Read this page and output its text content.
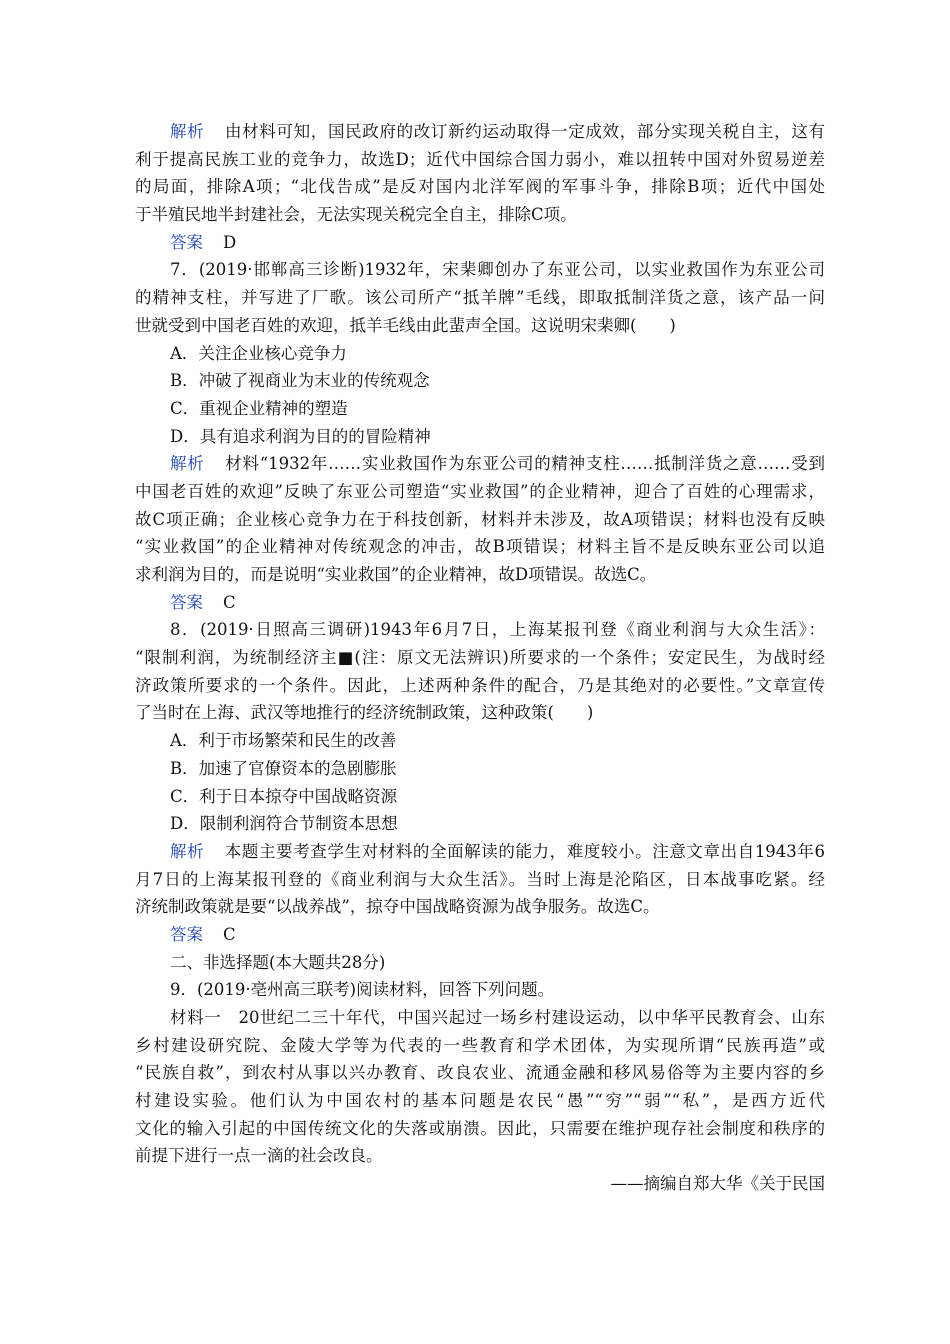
解析 由材料可知，国民政府的改订新约运动取得一定成效，部分实现关税自主，这有
利于提高民族工业的竞争力，故选D；近代中国综合国力弱小，难以扭转中国对外贸易逆差
的局面，排除A项；“北伐告成”是反对国内北洋军阀的军事斗争，排除B项；近代中国处
于半殖民地半封建社会，无法实现关税完全自主，排除C项。
答案 D
7．(2019·邯郸高三诊断)1932年，宋棐卿创办了东亚公司，以实业救国作为东亚公司
的精神支柱，并写进了厂歌。该公司所产“抵羊牌”毛线，即取抵制洋货之意，该产品一问
世就受到中国老百姓的欢迎，抵羊毛线由此蜚声全国。这说明宋棐卿(　　)
A．关注企业核心竞争力
B．冲破了视商业为末业的传统观念
C．重视企业精神的塑造
D．具有追求利润为目的的冒险精神
解析 材料“1932年……实业救国作为东亚公司的精神支柱……抵制洋货之意……受到
中国老百姓的欢迎”反映了东亚公司塑造“实业救国”的企业精神，迎合了百姓的心理需求，
故C项正确；企业核心竞争力在于科技创新，材料并未涉及，故A项错误；材料也没有反映
“实业救国”的企业精神对传统观念的冲击，故B项错误；材料主旨不是反映东亚公司以追
求利润为目的，而是说明“实业救国”的企业精神，故D项错误。故选C。
答案 C
8．(2019·日照高三调研)1943年6月7日，上海某报刊登《商业利润与大众生活》：
“限制利润，为统制经济主■(注：原文无法辨识)所要求的一个条件；安定民生，为战时经
济政策所要求的一个条件。因此，上述两种条件的配合，乃是其绝对的必要性。”文章宣传
了当时在上海、武汉等地推行的经济统制政策，这种政策(　　)
A．利于市场繁荣和民生的改善
B．加速了官僚资本的急剧膨胀
C．利于日本掠夺中国战略资源
D．限制利润符合节制资本思想
解析 本题主要考查学生对材料的全面解读的能力，难度较小。注意文章出自1943年6
月7日的上海某报刊登的《商业利润与大众生活》。当时上海是沦陷区，日本战事吃紧。经
济统制政策就是要“以战养战”，掠夺中国战略资源为战争服务。故选C。
答案 C
二、非选择题(本大题共28分)
9．(2019·亳州高三联考)阅读材料，回答下列问题。
材料一　20世纪二三十年代，中国兴起过一场乡村建设运动，以中华平民教育会、山东
乡村建设研究院、金陵大学等为代表的一些教育和学术团体，为实现所谓“民族再造”或
“民族自救”，到农村从事以兴办教育、改良农业、流通金融和移风易俗等为主要内容的乡
村建设实验。他们认为中国农村的基本问题是农民“愚”“穷”“弱”“私”，是西方近代
文化的输入引起的中国传统文化的失落或崩溃。因此，只需要在维护现存社会制度和秩序的
前提下进行一点一滴的社会改良。
——摘编自郑大华《关于民国
